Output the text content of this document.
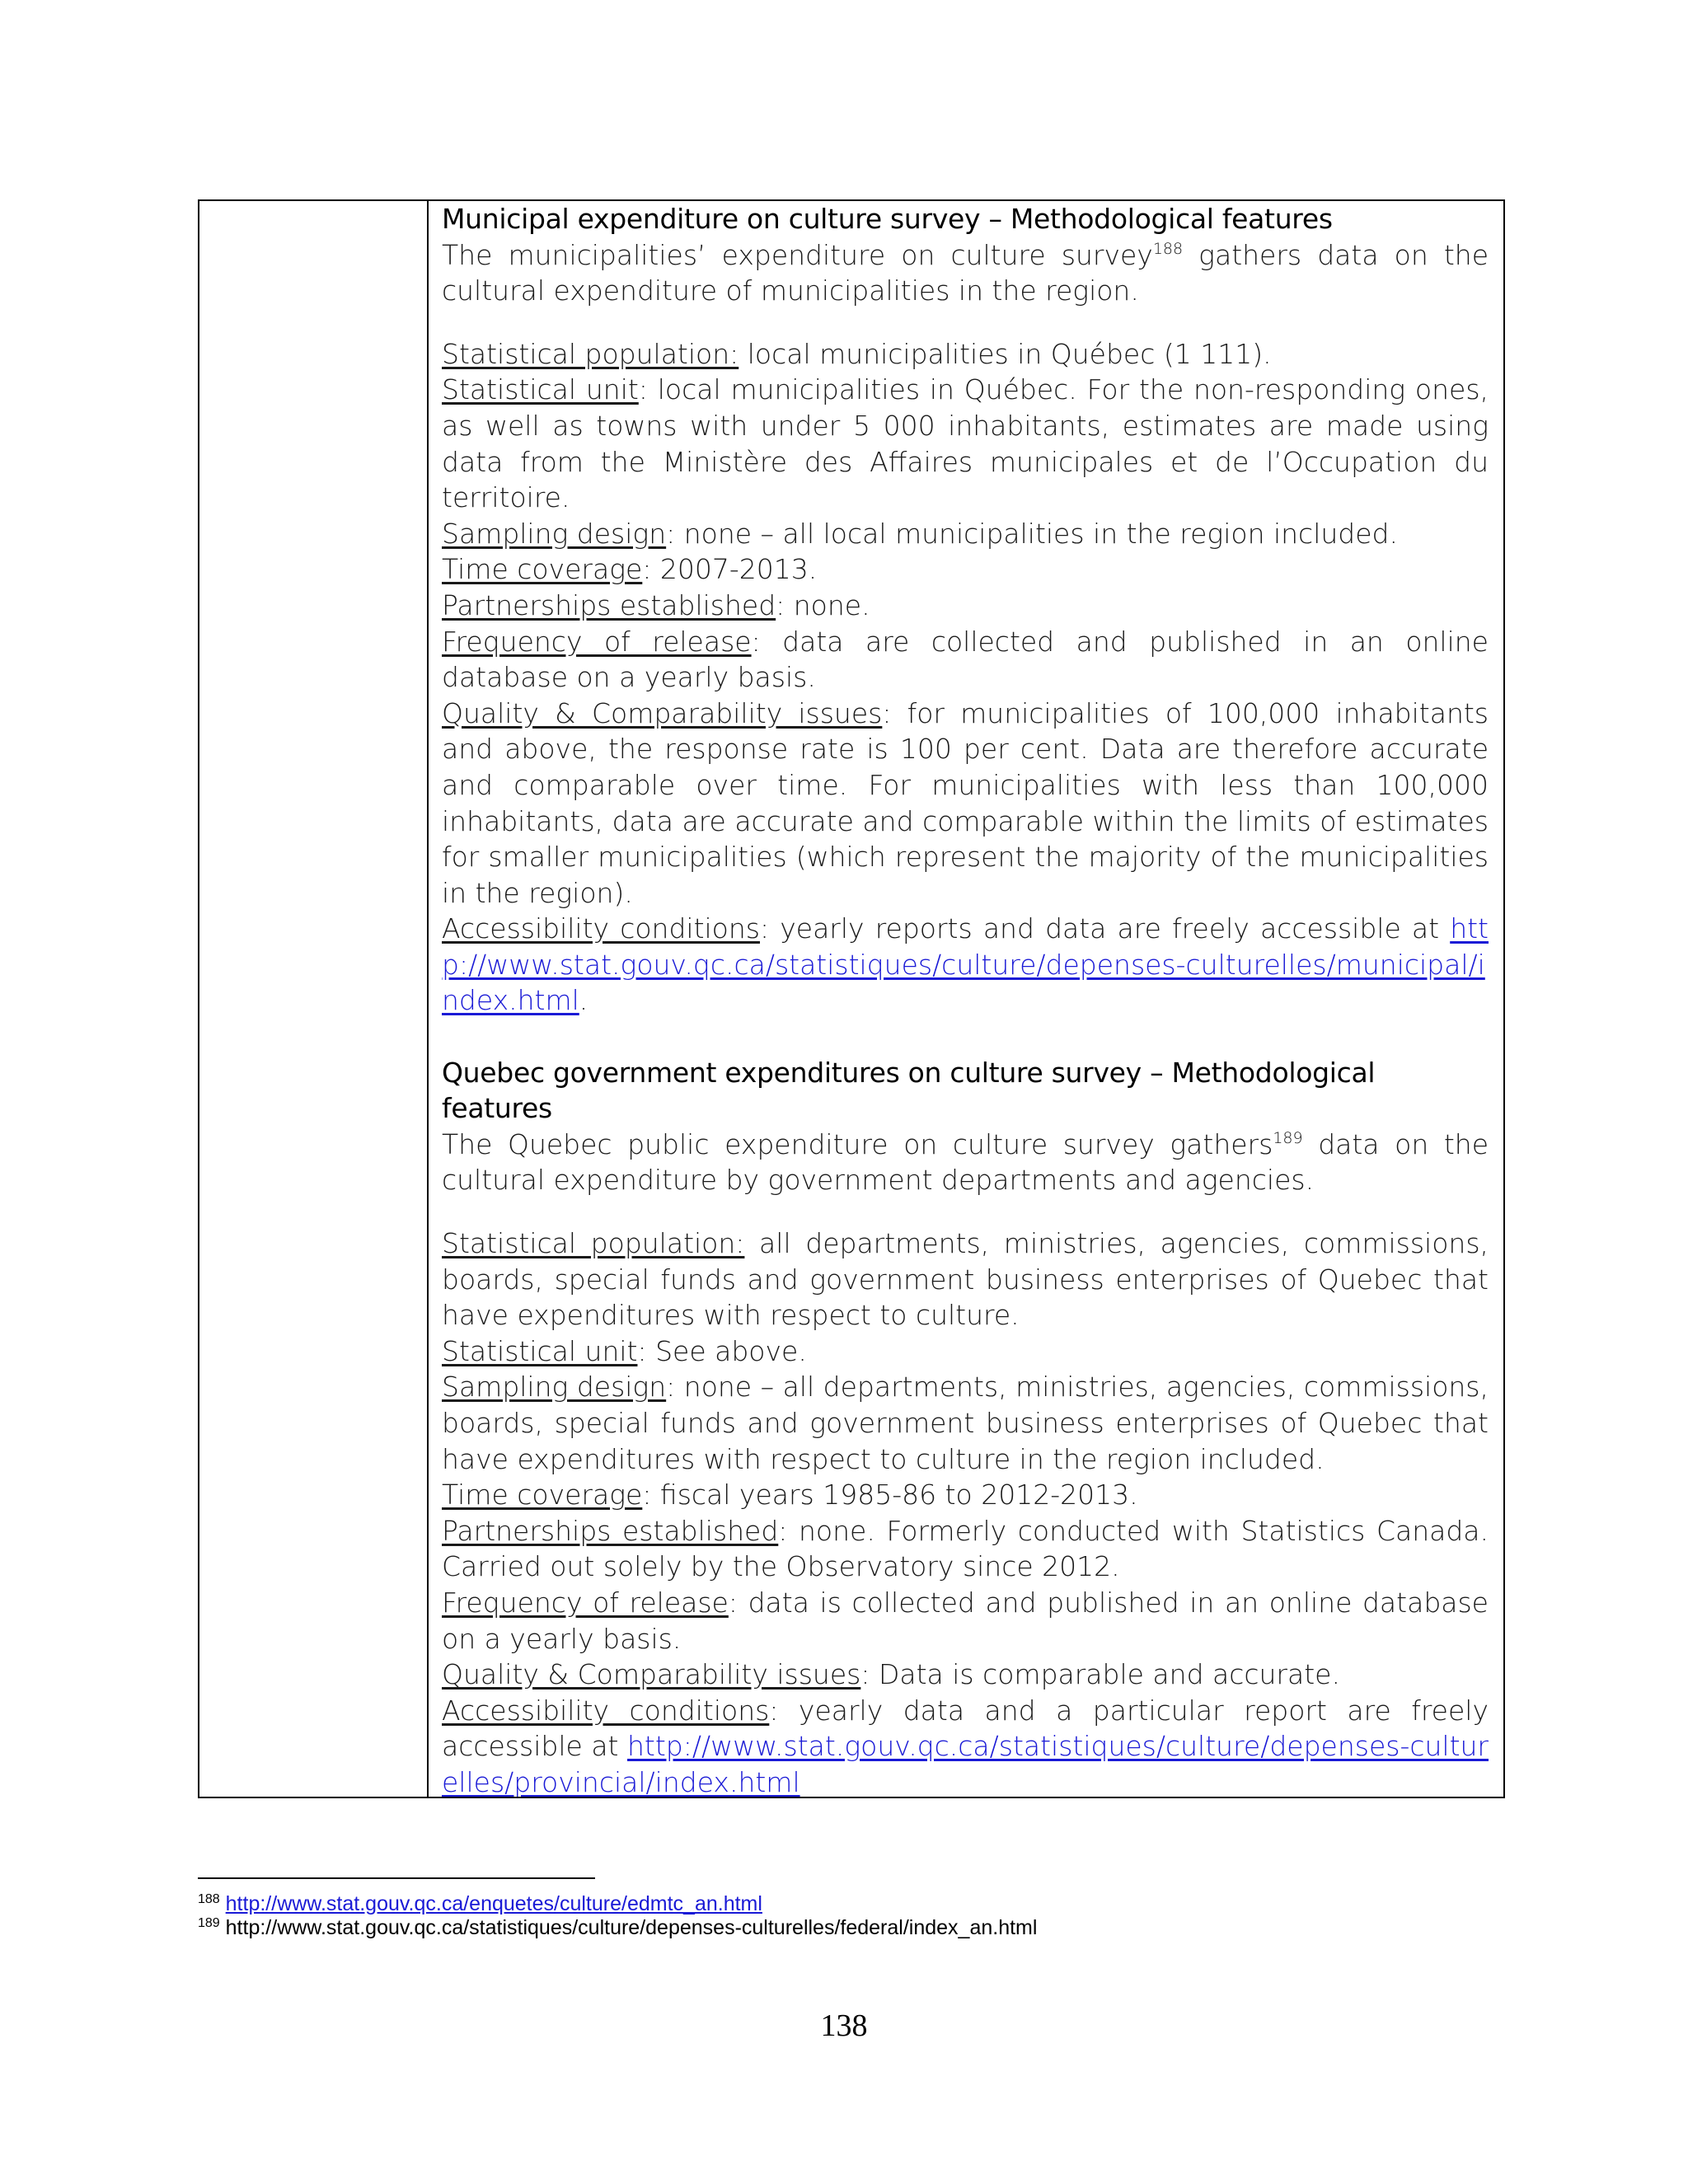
Municipal expenditure on culture survey – Methodological features

The municipalities’ expenditure on culture survey$^{188}$ gathers data on the cultural expenditure of municipalities in the region.

Statistical population: local municipalities in Québec (1 111).

Statistical unit: local municipalities in Québec. For the non-responding ones, as well as towns with under 5 000 inhabitants, estimates are made using data from the Ministère des Affaires municipales et de l’Occupation du territoire.

Sampling design: none – all local municipalities in the region included.

Time coverage: 2007-2013.

Partnerships established: none.

Frequency of release: data are collected and published in an online database on a yearly basis.

Quality & Comparability issues: for municipalities of 100,000 inhabitants and above, the response rate is 100 per cent. Data are therefore accurate and comparable over time. For municipalities with less than 100,000 inhabitants, data are accurate and comparable within the limits of estimates for smaller municipalities (which represent the majority of the municipalities in the region).

Accessibility conditions: yearly reports and data are freely accessible at http://www.stat.gouv.qc.ca/statistiques/culture/depenses-culturelles/municipal/index.html.

Quebec government expenditures on culture survey – Methodological features

The Quebec public expenditure on culture survey gathers$^{189}$ data on the cultural expenditure by government departments and agencies.

Statistical population: all departments, ministries, agencies, commissions, boards, special funds and government business enterprises of Quebec that have expenditures with respect to culture.

Statistical unit: See above.

Sampling design: none – all departments, ministries, agencies, commissions, boards, special funds and government business enterprises of Quebec that have expenditures with respect to culture in the region included.

Time coverage: fiscal years 1985-86 to 2012-2013.

Partnerships established: none. Formerly conducted with Statistics Canada. Carried out solely by the Observatory since 2012.

Frequency of release: data is collected and published in an online database on a yearly basis.

Quality & Comparability issues: Data is comparable and accurate.

Accessibility conditions: yearly data and a particular report are freely accessible at http://www.stat.gouv.qc.ca/statistiques/culture/depenses-culturelles/provincial/index.html

$^{188}$ http://www.stat.gouv.qc.ca/enquetes/culture/edmtc_an.html
$^{189}$ http://www.stat.gouv.qc.ca/statistiques/culture/depenses-culturelles/federal/index_an.html
138
